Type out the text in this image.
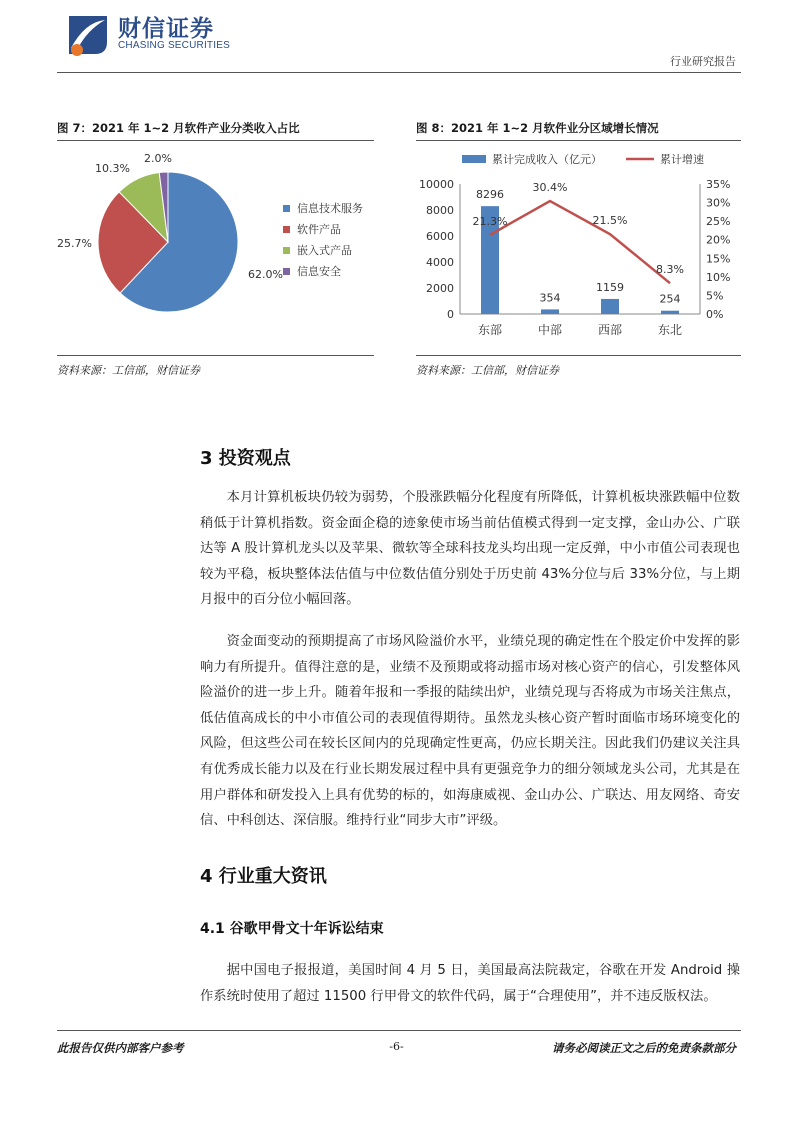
财信证券
CHASING SECURITIES
行业研究报告
图 7：2021 年 1~2 月软件产业分类收入占比	图 8：2021 年 1~2 月软件业分区域增长情况
62.0%
25.7%
10.3%
2.0%
信息技术服务
软件产品
嵌入式产品
信息安全
0
2000
4000
6000
8000
10000
0%
5%
10%
15%
20%
25%
30%
35%
东部	中部	西部	东北
8296
354
1159
254
21.3%
30.4%
21.5%
8.3%
累计完成收入（亿元）	累计增速
资料来源：工信部，财信证券	资料来源：工信部，财信证券
3 投资观点

本月计算机板块仍较为弱势，个股涨跌幅分化程度有所降低，计算机板块涨跌幅中位数稍低于计算机指数。资金面企稳的迹象使市场当前估值模式得到一定支撑，金山办公、广联达等 A 股计算机龙头以及苹果、微软等全球科技龙头均出现一定反弹，中小市值公司表现也较为平稳，板块整体法估值与中位数估值分别处于历史前 43%分位与后 33%分位，与上期月报中的百分位小幅回落。

资金面变动的预期提高了市场风险溢价水平，业绩兑现的确定性在个股定价中发挥的影响力有所提升。值得注意的是，业绩不及预期或将动摇市场对核心资产的信心，引发整体风险溢价的进一步上升。随着年报和一季报的陆续出炉，业绩兑现与否将成为市场关注焦点，低估值高成长的中小市值公司的表现值得期待。虽然龙头核心资产暂时面临市场环境变化的风险，但这些公司在较长区间内的兑现确定性更高，仍应长期关注。因此我们仍建议关注具有优秀成长能力以及在行业长期发展过程中具有更强竞争力的细分领域龙头公司，尤其是在用户群体和研发投入上具有优势的标的，如海康威视、金山办公、广联达、用友网络、奇安信、中科创达、深信服。维持行业“同步大市”评级。

4 行业重大资讯
4.1 谷歌甲骨文十年诉讼结束

据中国电子报报道，美国时间 4 月 5 日，美国最高法院裁定，谷歌在开发 Android 操作系统时使用了超过 11500 行甲骨文的软件代码，属于“合理使用”，并不违反版权法。

此报告仅供内部客户参考	-6-	请务必阅读正文之后的免责条款部分
